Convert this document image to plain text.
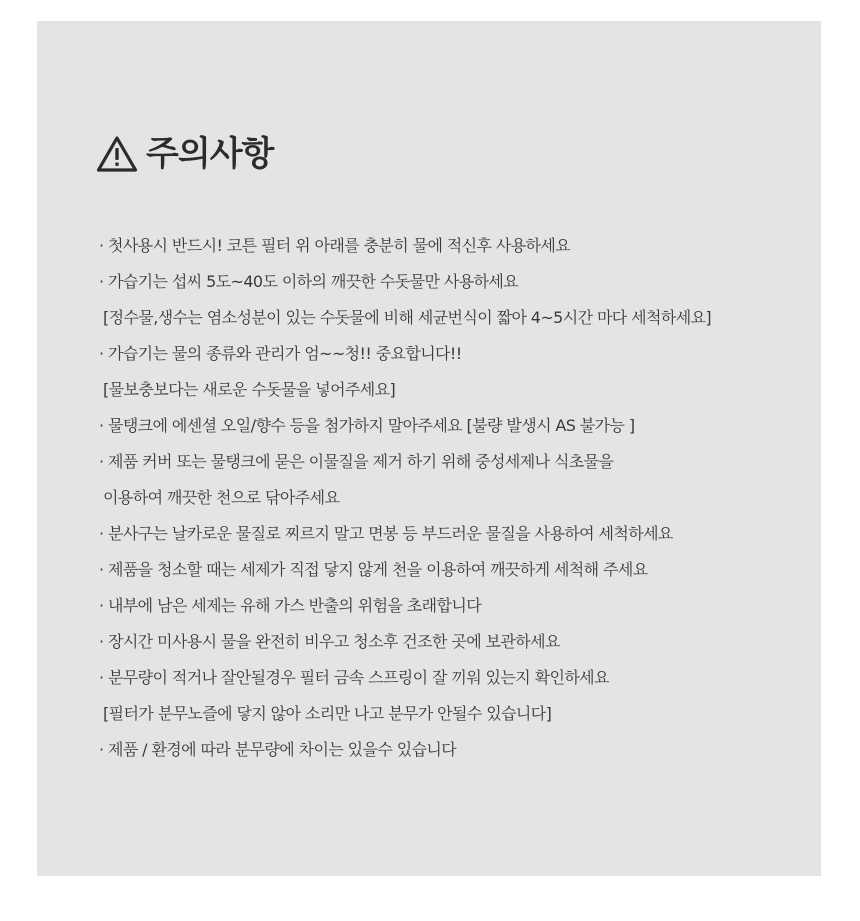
주의사항
· 첫사용시 반드시! 코튼 필터 위 아래를 충분히 물에 적신후 사용하세요
· 가습기는 섭씨 5도~40도 이하의 깨끗한 수돗물만 사용하세요
[정수물,생수는 염소성분이 있는 수돗물에 비해 세균번식이 짧아 4~5시간 마다 세척하세요]
· 가습기는 물의 종류와 관리가 엄~~청!! 중요합니다!!
[물보충보다는 새로운 수돗물을 넣어주세요]
· 물탱크에 에센셜 오일/향수 등을 첨가하지 말아주세요 [불량 발생시 AS 불가능 ]
· 제품 커버 또는 물탱크에 묻은 이물질을 제거 하기 위해 중성세제나 식초물을
이용하여 깨끗한 천으로 닦아주세요
· 분사구는 날카로운 물질로 찌르지 말고 면봉 등 부드러운 물질을 사용하여 세척하세요
· 제품을 청소할 때는 세제가 직접 닿지 않게 천을 이용하여 깨끗하게 세척해 주세요
· 내부에 남은 세제는 유해 가스 반출의 위험을 초래합니다
· 장시간 미사용시 물을 완전히 비우고 청소후 건조한 곳에 보관하세요
· 분무량이 적거나 잘안될경우 필터 금속 스프링이 잘 끼워 있는지 확인하세요
[필터가 분무노즐에 닿지 않아 소리만 나고 분무가 안될수 있습니다]
· 제품 / 환경에 따라 분무량에 차이는 있을수 있습니다
